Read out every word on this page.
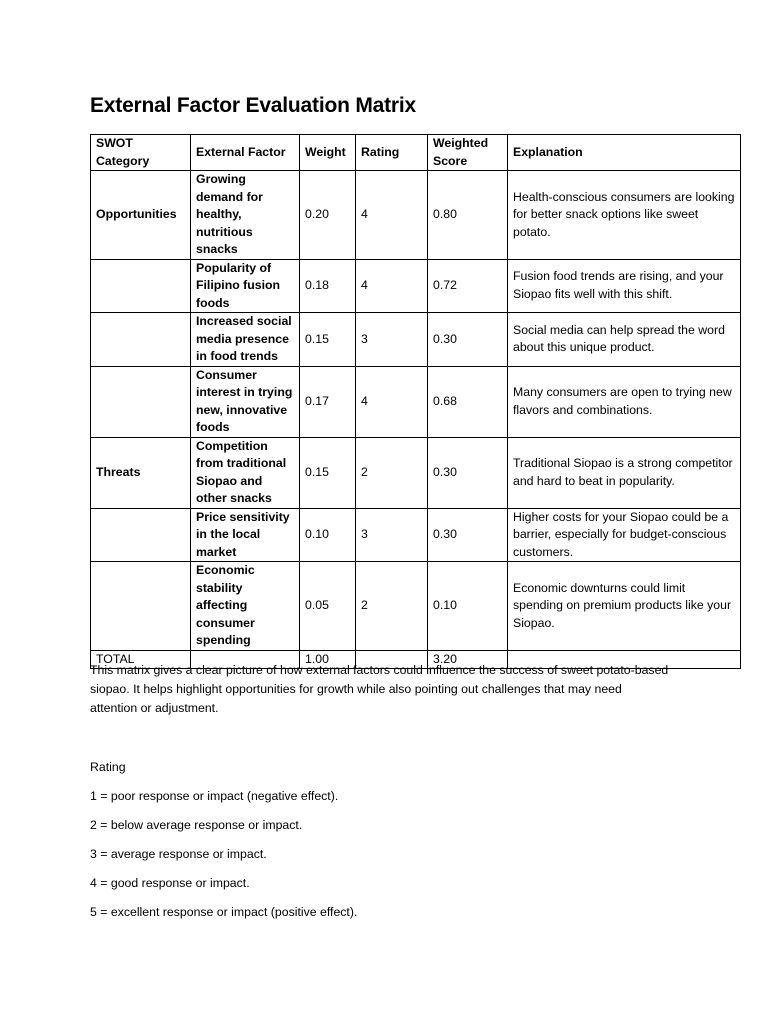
External Factor Evaluation Matrix
SWOT Category	External Factor	Weight	Rating	Weighted Score	Explanation
Opportunities	Growing demand for healthy, nutritious snacks	0.20	4	0.80	Health-conscious consumers are looking for better snack options like sweet potato.
	Popularity of Filipino fusion foods	0.18	4	0.72	Fusion food trends are rising, and your Siopao fits well with this shift.
	Increased social media presence in food trends	0.15	3	0.30	Social media can help spread the word about this unique product.
	Consumer interest in trying new, innovative foods	0.17	4	0.68	Many consumers are open to trying new flavors and combinations.
Threats	Competition from traditional Siopao and other snacks	0.15	2	0.30	Traditional Siopao is a strong competitor and hard to beat in popularity.
	Price sensitivity in the local market	0.10	3	0.30	Higher costs for your Siopao could be a barrier, especially for budget-conscious customers.
	Economic stability affecting consumer spending	0.05	2	0.10	Economic downturns could limit spending on premium products like your Siopao.
TOTAL		1.00		3.20	
This matrix gives a clear picture of how external factors could influence the success of sweet potato-based siopao. It helps highlight opportunities for growth while also pointing out challenges that may need attention or adjustment.

Rating

1 = poor response or impact (negative effect).

2 = below average response or impact.

3 = average response or impact.

4 = good response or impact.

5 = excellent response or impact (positive effect).
